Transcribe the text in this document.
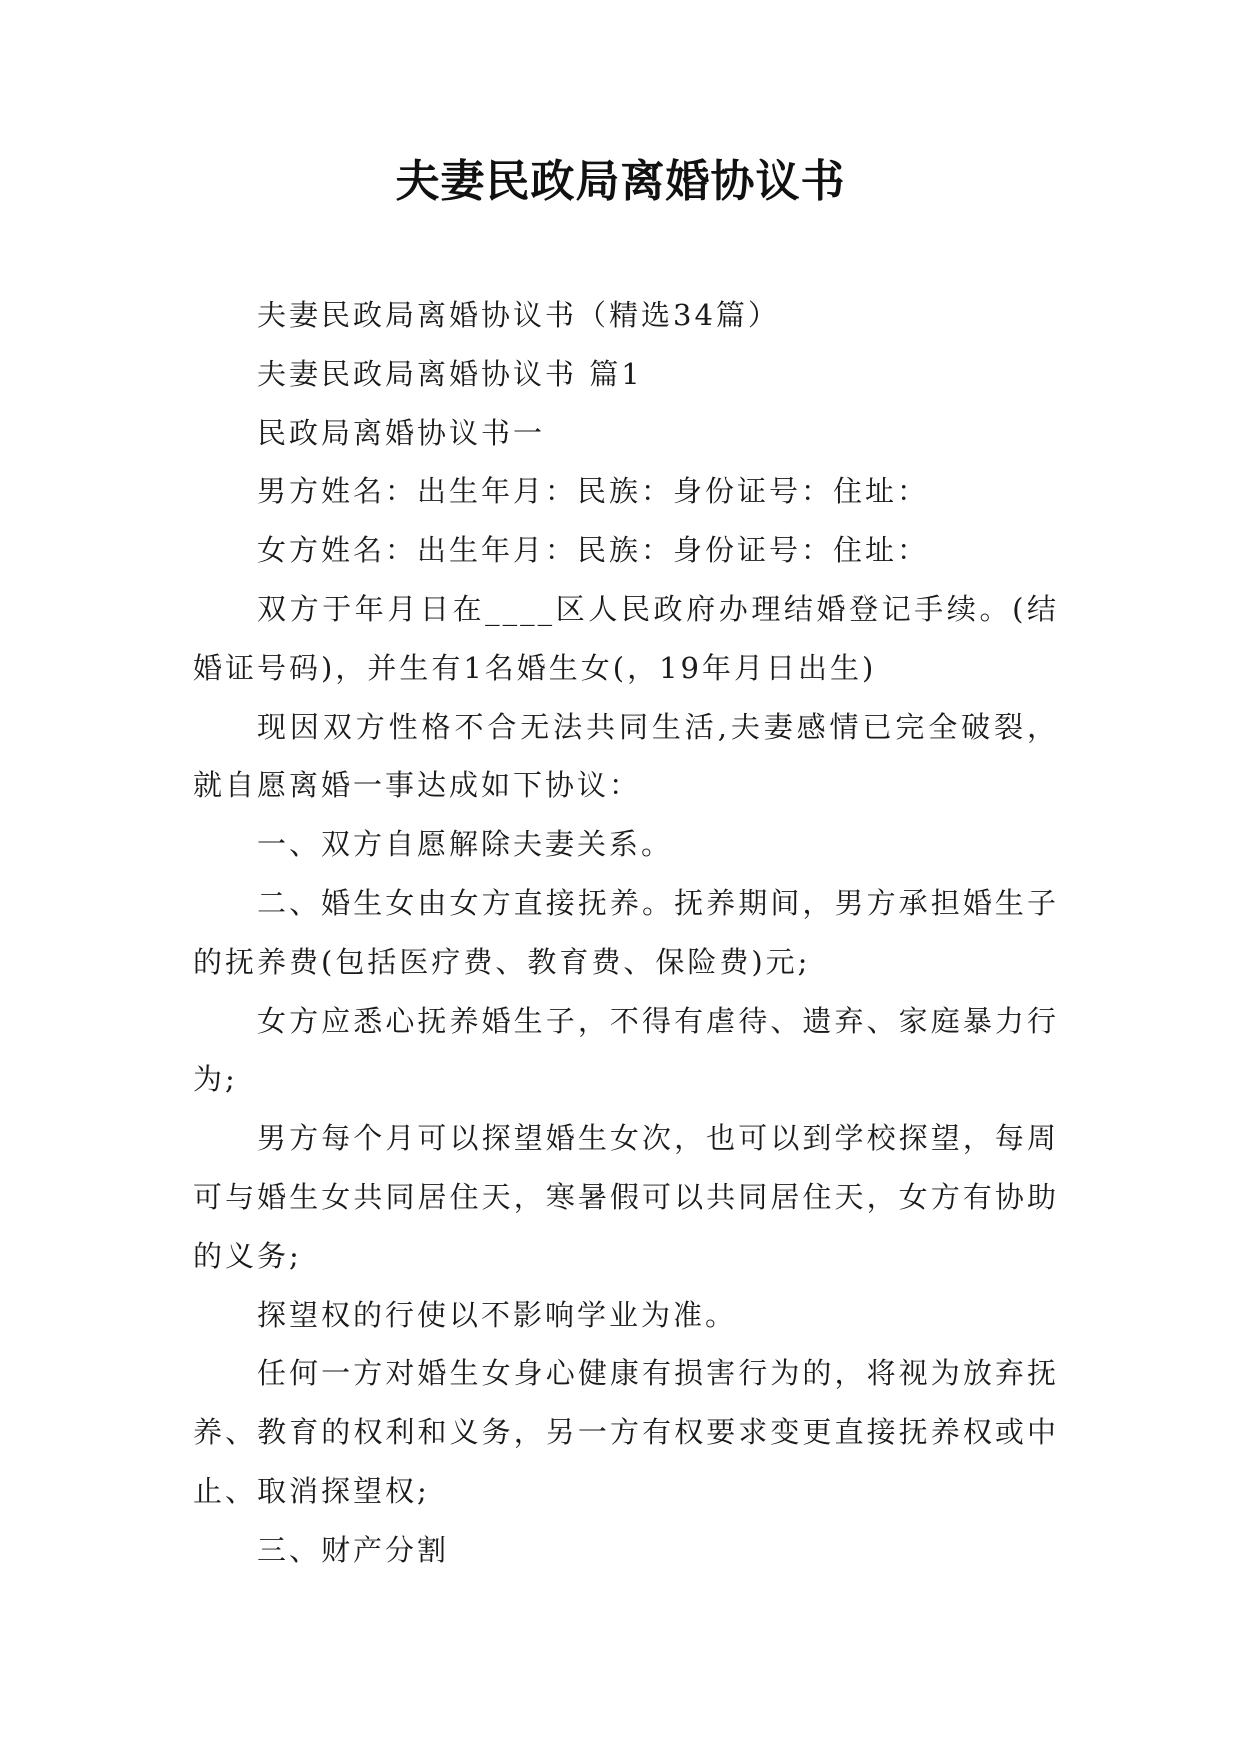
夫妻民政局离婚协议书

夫妻民政局离婚协议书（精选34篇）

夫妻民政局离婚协议书 篇1

民政局离婚协议书一

男方姓名：出生年月：民族：身份证号：住址：

女方姓名：出生年月：民族：身份证号：住址：

双方于年月日在____区人民政府办理结婚登记手续。(结婚证号码)，并生有1名婚生女(，19年月日出生)

现因双方性格不合无法共同生活,夫妻感情已完全破裂，就自愿离婚一事达成如下协议：

一、双方自愿解除夫妻关系。

二、婚生女由女方直接抚养。抚养期间，男方承担婚生子的抚养费(包括医疗费、教育费、保险费)元;

女方应悉心抚养婚生子，不得有虐待、遗弃、家庭暴力行为;

男方每个月可以探望婚生女次，也可以到学校探望，每周可与婚生女共同居住天，寒暑假可以共同居住天，女方有协助的义务;

探望权的行使以不影响学业为准。

任何一方对婚生女身心健康有损害行为的，将视为放弃抚养、教育的权利和义务，另一方有权要求变更直接抚养权或中止、取消探望权;

三、财产分割
